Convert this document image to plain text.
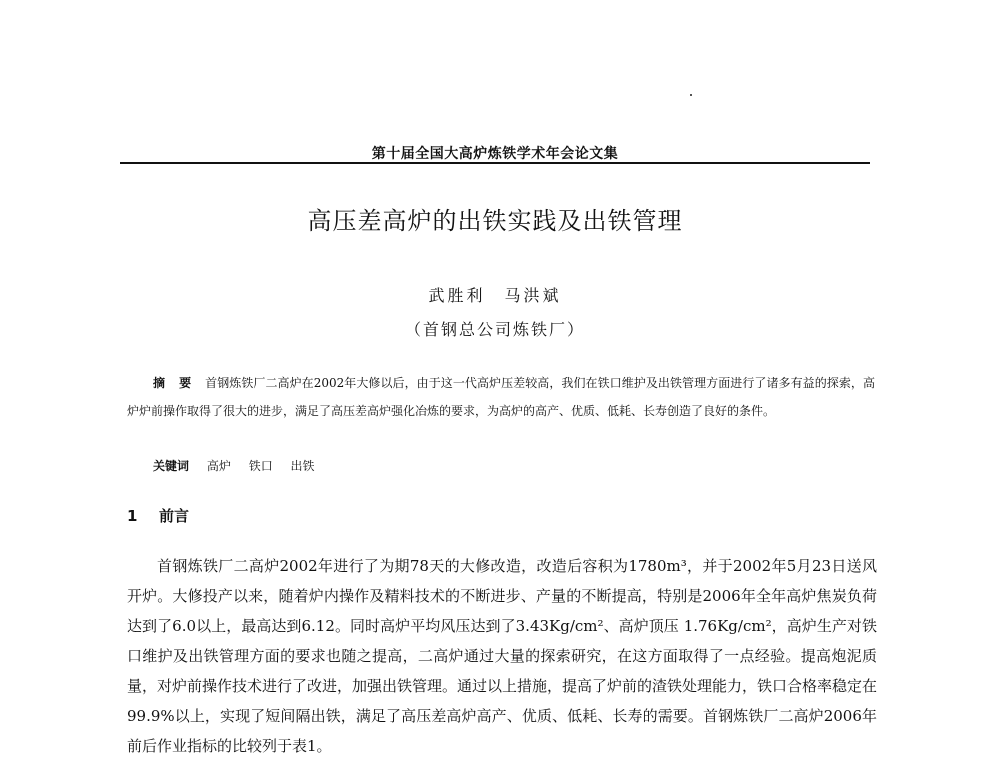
第十届全国大高炉炼铁学术年会论文集
高压差高炉的出铁实践及出铁管理
武胜利　马洪斌
（首钢总公司炼铁厂）

摘要首钢炼铁厂二高炉在2002年大修以后，由于这一代高炉压差较高，我们在铁口维护及出铁管理方面进行了诸多有益的探索，高炉炉前操作取得了很大的进步，满足了高压差高炉强化冶炼的要求，为高炉的高产、优质、低耗、长寿创造了良好的条件。

关键词 高炉 铁口 出铁
1 前言

首钢炼铁厂二高炉2002年进行了为期78天的大修改造，改造后容积为1780m³，并于2002年5月23日送风开炉。大修投产以来，随着炉内操作及精料技术的不断进步、产量的不断提高，特别是2006年全年高炉焦炭负荷达到了6.0以上，最高达到6.12。同时高炉平均风压达到了3.43Kg/cm²、高炉顶压 1.76Kg/cm²，高炉生产对铁口维护及出铁管理方面的要求也随之提高，二高炉通过大量的探索研究，在这方面取得了一点经验。提高炮泥质量，对炉前操作技术进行了改进，加强出铁管理。通过以上措施，提高了炉前的渣铁处理能力，铁口合格率稳定在 99.9%以上，实现了短间隔出铁，满足了高压差高炉高产、优质、低耗、长寿的需要。首钢炼铁厂二高炉2006年前后作业指标的比较列于表1。
